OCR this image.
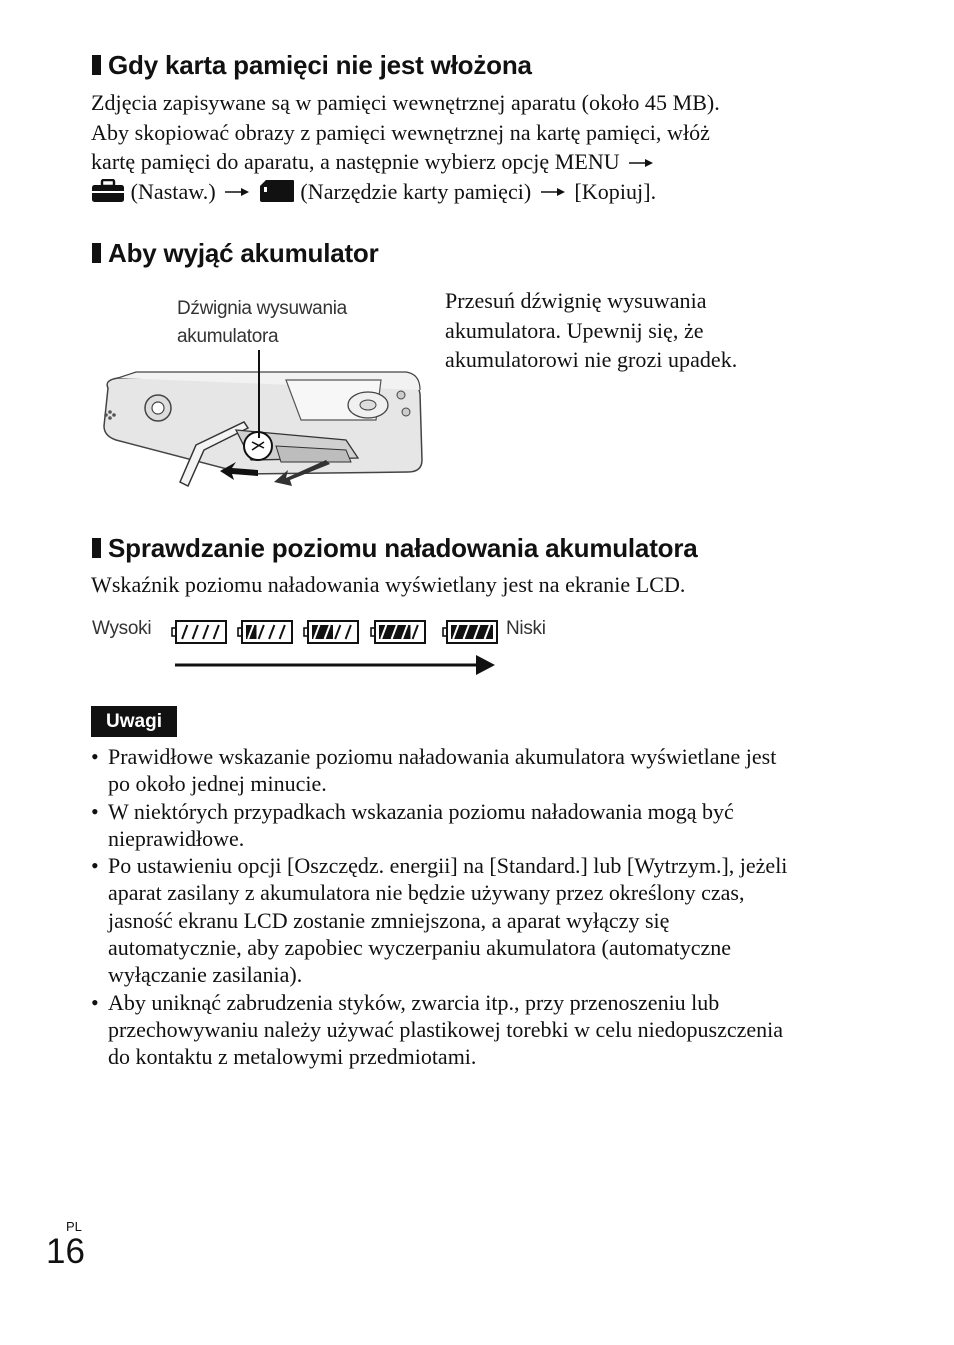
Gdy karta pamięci nie jest włożona
Zdjęcia zapisywane są w pamięci wewnętrznej aparatu (około 45 MB).
Aby skopiować obrazy z pamięci wewnętrznej na kartę pamięci, włóż
kartę pamięci do aparatu, a następnie wybierz opcję MENU
(Nastaw.)	(Narzędzie karty pamięci) [Kopiuj].
Aby wyjąć akumulator
Dźwignia wysuwania
akumulatora
Przesuń dźwignię wysuwania
akumulatora. Upewnij się, że
akumulatorowi nie grozi upadek.
Sprawdzanie poziomu naładowania akumulatora
Wskaźnik poziomu naładowania wyświetlany jest na ekranie LCD.
Wysoki	Niski
Uwagi
• Prawidłowe wskazanie poziomu naładowania akumulatora wyświetlane jest
po około jednej minucie.
• W niektórych przypadkach wskazania poziomu naładowania mogą być
nieprawidłowe.
• Po ustawieniu opcji [Oszczędz. energii] na [Standard.] lub [Wytrzym.], jeżeli
aparat zasilany z akumulatora nie będzie używany przez określony czas,
jasność ekranu LCD zostanie zmniejszona, a aparat wyłączy się
automatycznie, aby zapobiec wyczerpaniu akumulatora (automatyczne
wyłączanie zasilania).
• Aby uniknąć zabrudzenia styków, zwarcia itp., przy przenoszeniu lub
przechowywaniu należy używać plastikowej torebki w celu niedopuszczenia
do kontaktu z metalowymi przedmiotami.
PL
16
